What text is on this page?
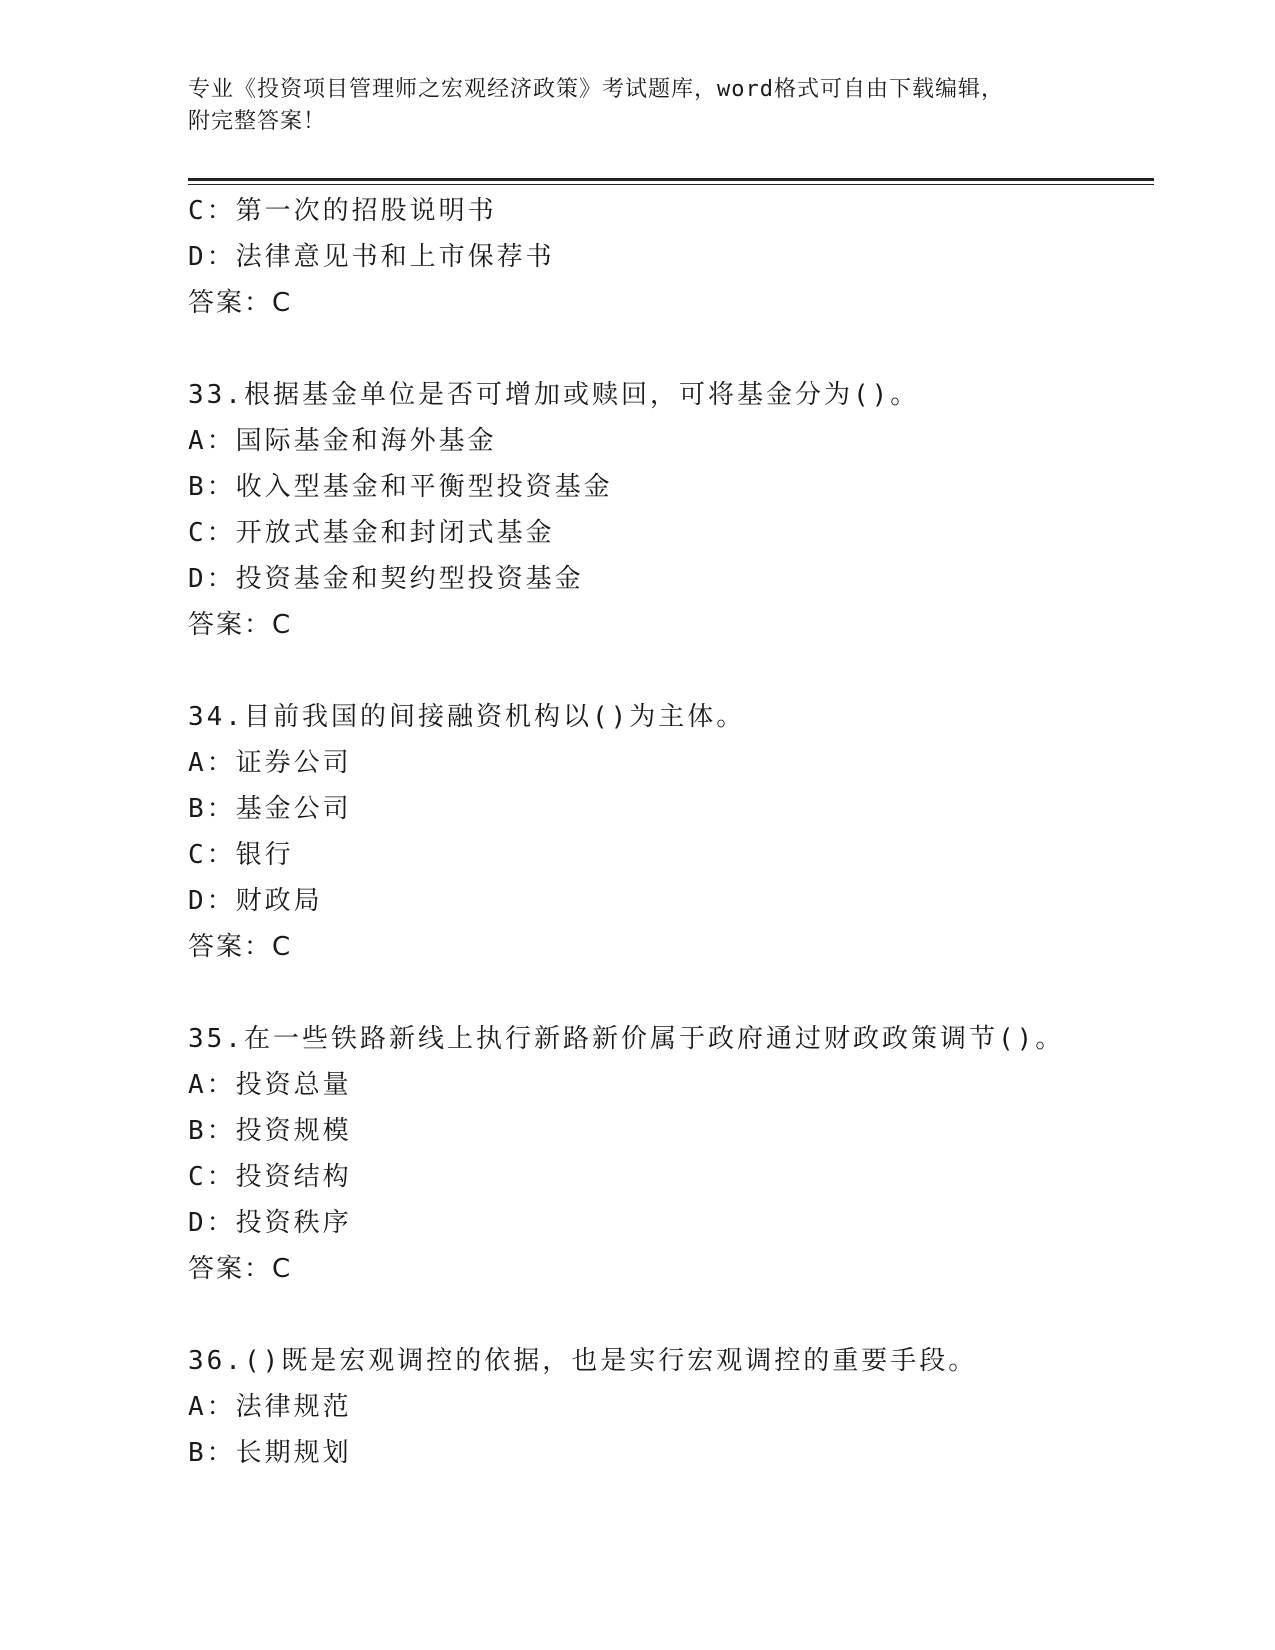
专业《投资项目管理师之宏观经济政策》考试题库，word格式可自由下载编辑，
附完整答案！
C：第一次的招股说明书
D：法律意见书和上市保荐书
答案：C
33.根据基金单位是否可增加或赎回，可将基金分为()。
A：国际基金和海外基金
B：收入型基金和平衡型投资基金
C：开放式基金和封闭式基金
D：投资基金和契约型投资基金
答案：C
34.目前我国的间接融资机构以()为主体。
A：证券公司
B：基金公司
C：银行
D：财政局
答案：C
35.在一些铁路新线上执行新路新价属于政府通过财政政策调节()。
A：投资总量
B：投资规模
C：投资结构
D：投资秩序
答案：C
36.()既是宏观调控的依据，也是实行宏观调控的重要手段。
A：法律规范
B：长期规划
